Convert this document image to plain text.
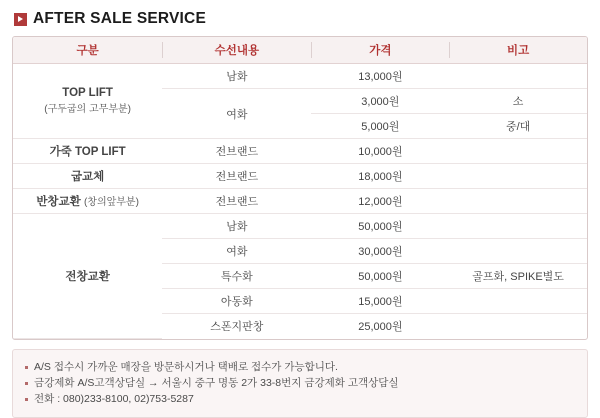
AFTER SALE SERVICE
구분	수선내용	가격	비고
TOP LIFT
(구두굽의 고무부분)	남화	13,000원	
	여화	3,000원	소
		5,000원	중/대
가죽 TOP LIFT	전브랜드	10,000원	
굽교체	전브랜드	18,000원	
반창교환 (창의앞부분)	전브랜드	12,000원	
전창교환	남화	50,000원	
	여화	30,000원	
	특수화	50,000원	골프화, SPIKE별도
	아동화	15,000원	
	스폰지판창	25,000원	
A/S 접수시 가까운 매장을 방문하시거나 택배로 접수가 가능합니다.
금강제화 A/S고객상담실 → 서울시 중구 명동 2가 33-8번지 금강제화 고객상담실
전화 : 080)233-8100, 02)753-5287
